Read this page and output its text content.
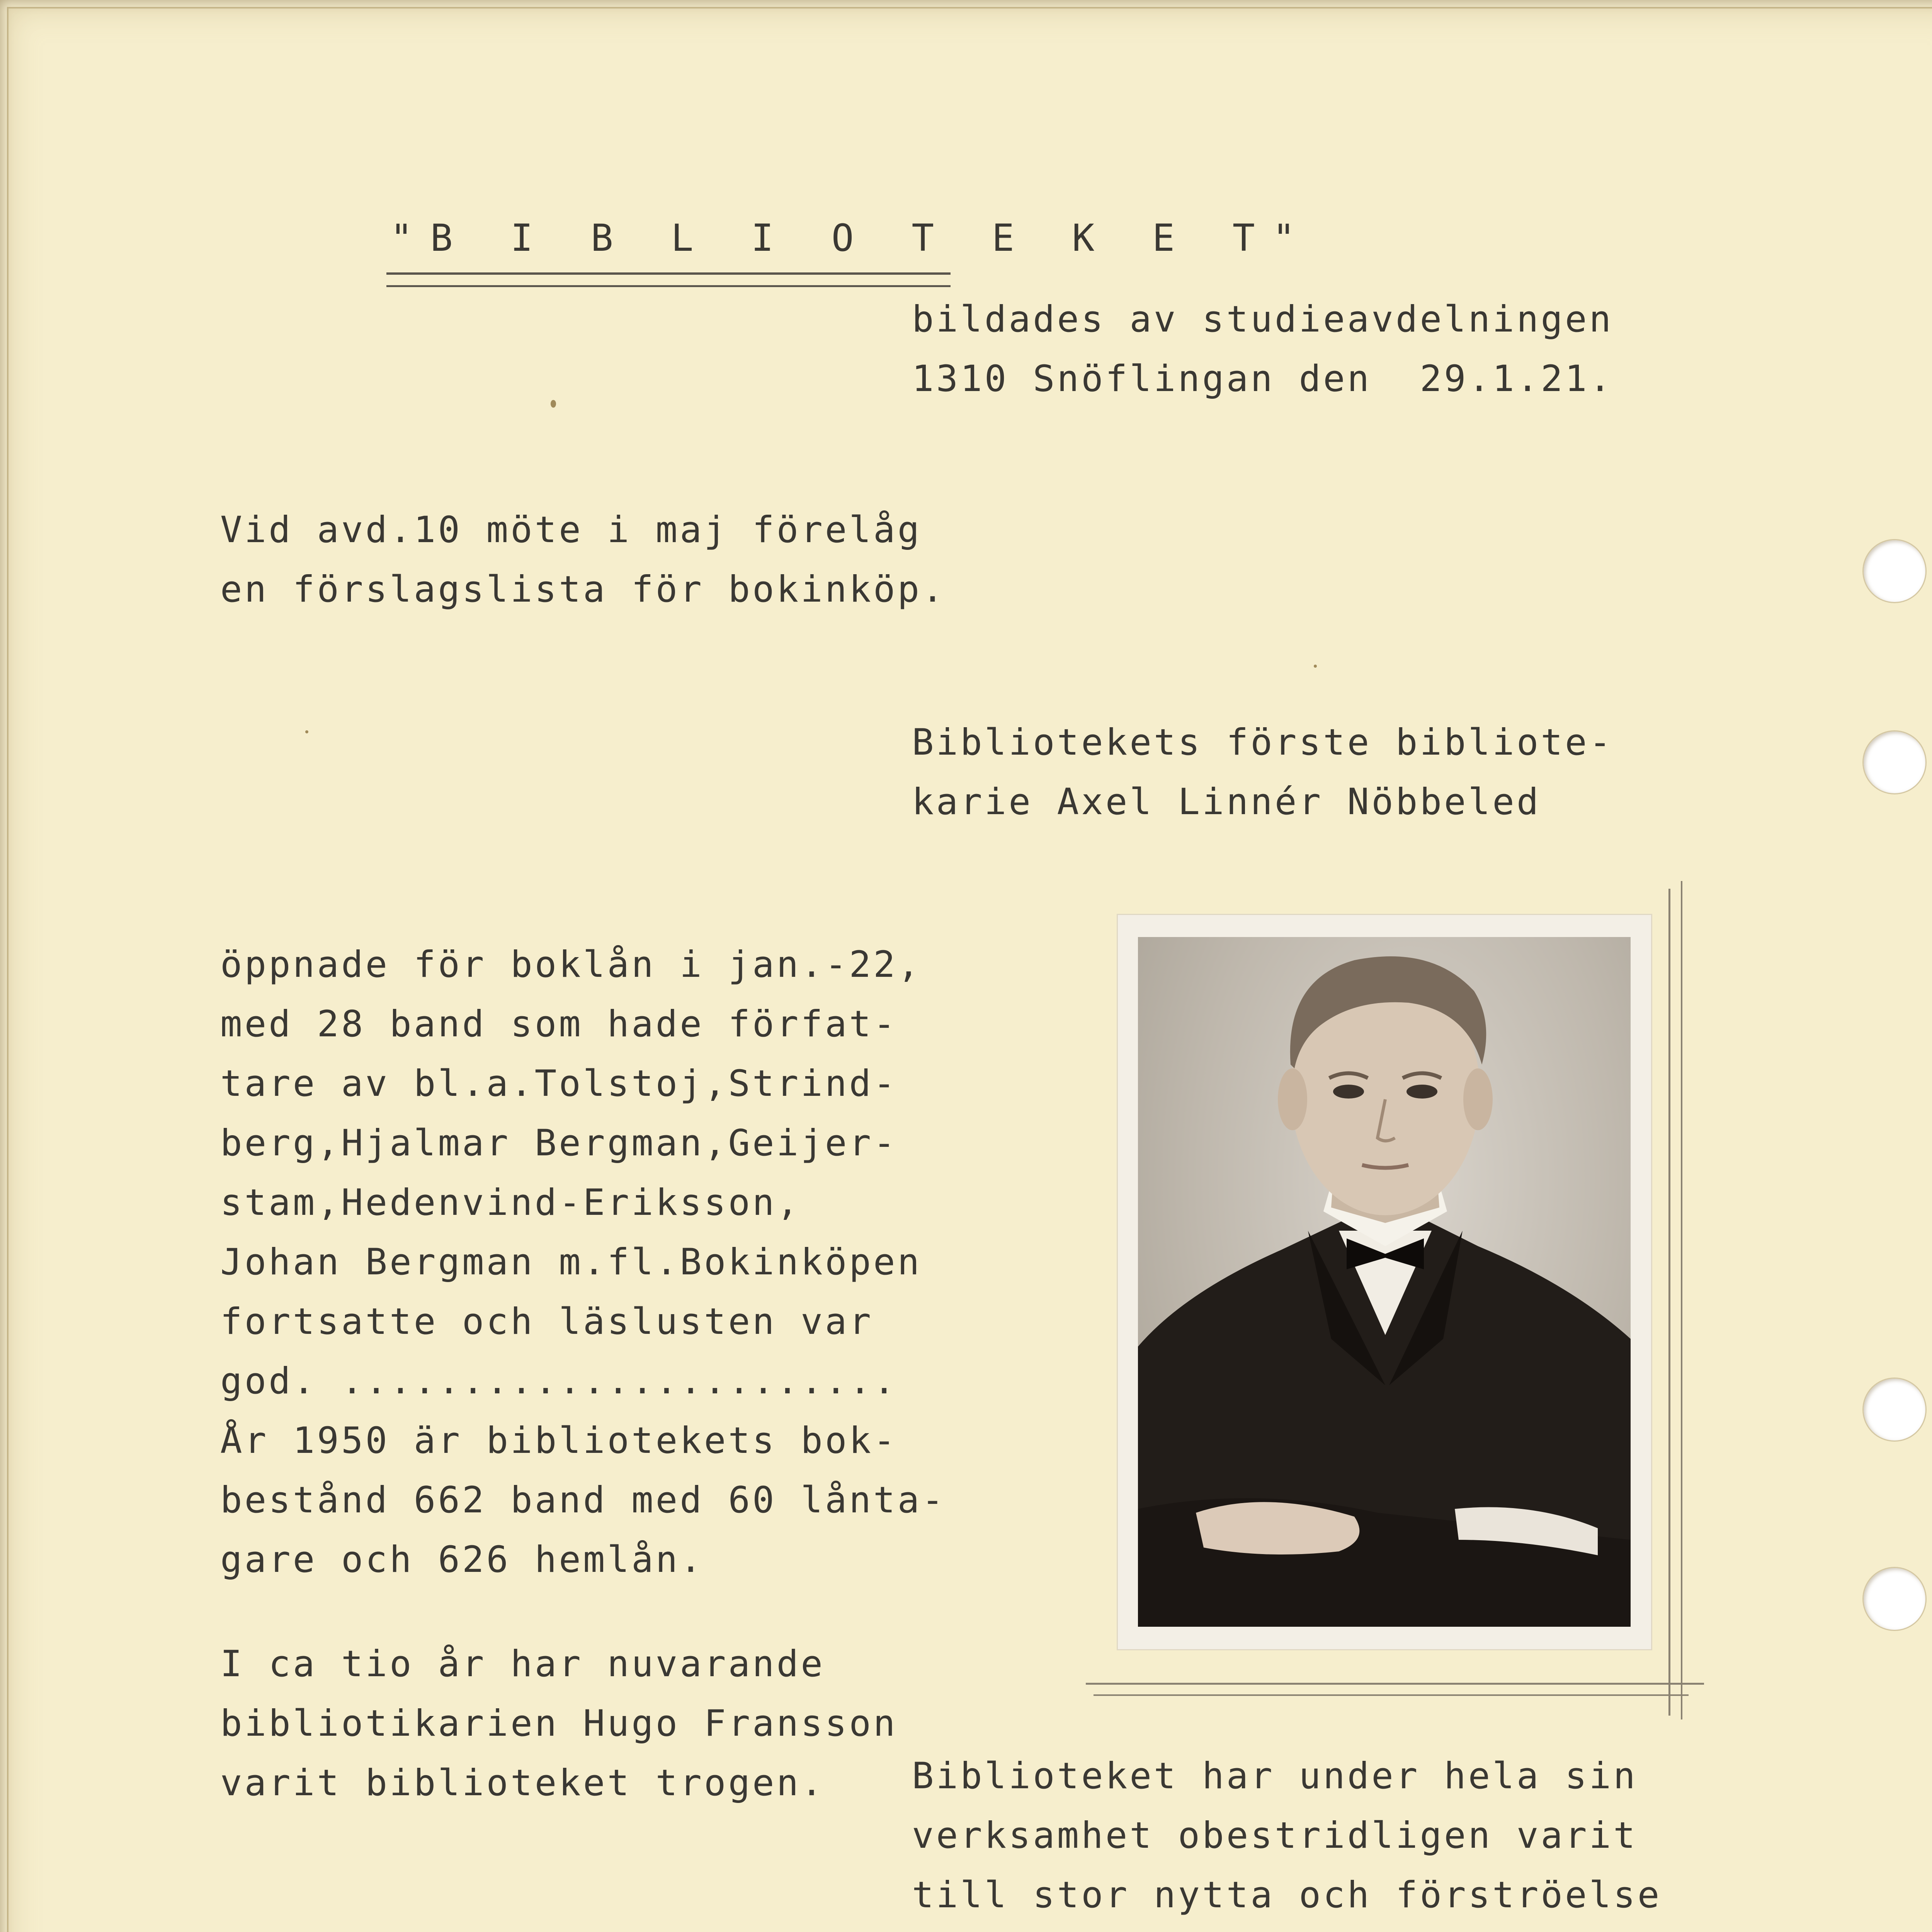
"B I B L I O T E K E T"
bildades av studieavdelningen
1310 Snöflingan den  29.1.21.
Vid avd.10 möte i maj förelåg
en förslagslista för bokinköp.
Bibliotekets förste bibliote-
karie Axel Linnér Nöbbeled
öppnade för boklån i jan.-22,
med 28 band som hade förfat-
tare av bl.a.Tolstoj,Strind-
berg,Hjalmar Bergman,Geijer-
stam,Hedenvind-Eriksson,
Johan Bergman m.fl.Bokinköpen
fortsatte och läslusten var
god. .......................
År 1950 är bibliotekets bok-
bestånd 662 band med 60 lånta-
gare och 626 hemlån.
I ca tio år har nuvarande
bibliotikarien Hugo Fransson
varit biblioteket trogen.	Biblioteket har under hela sin
verksamhet obestridligen varit
till stor nytta och förströelse
